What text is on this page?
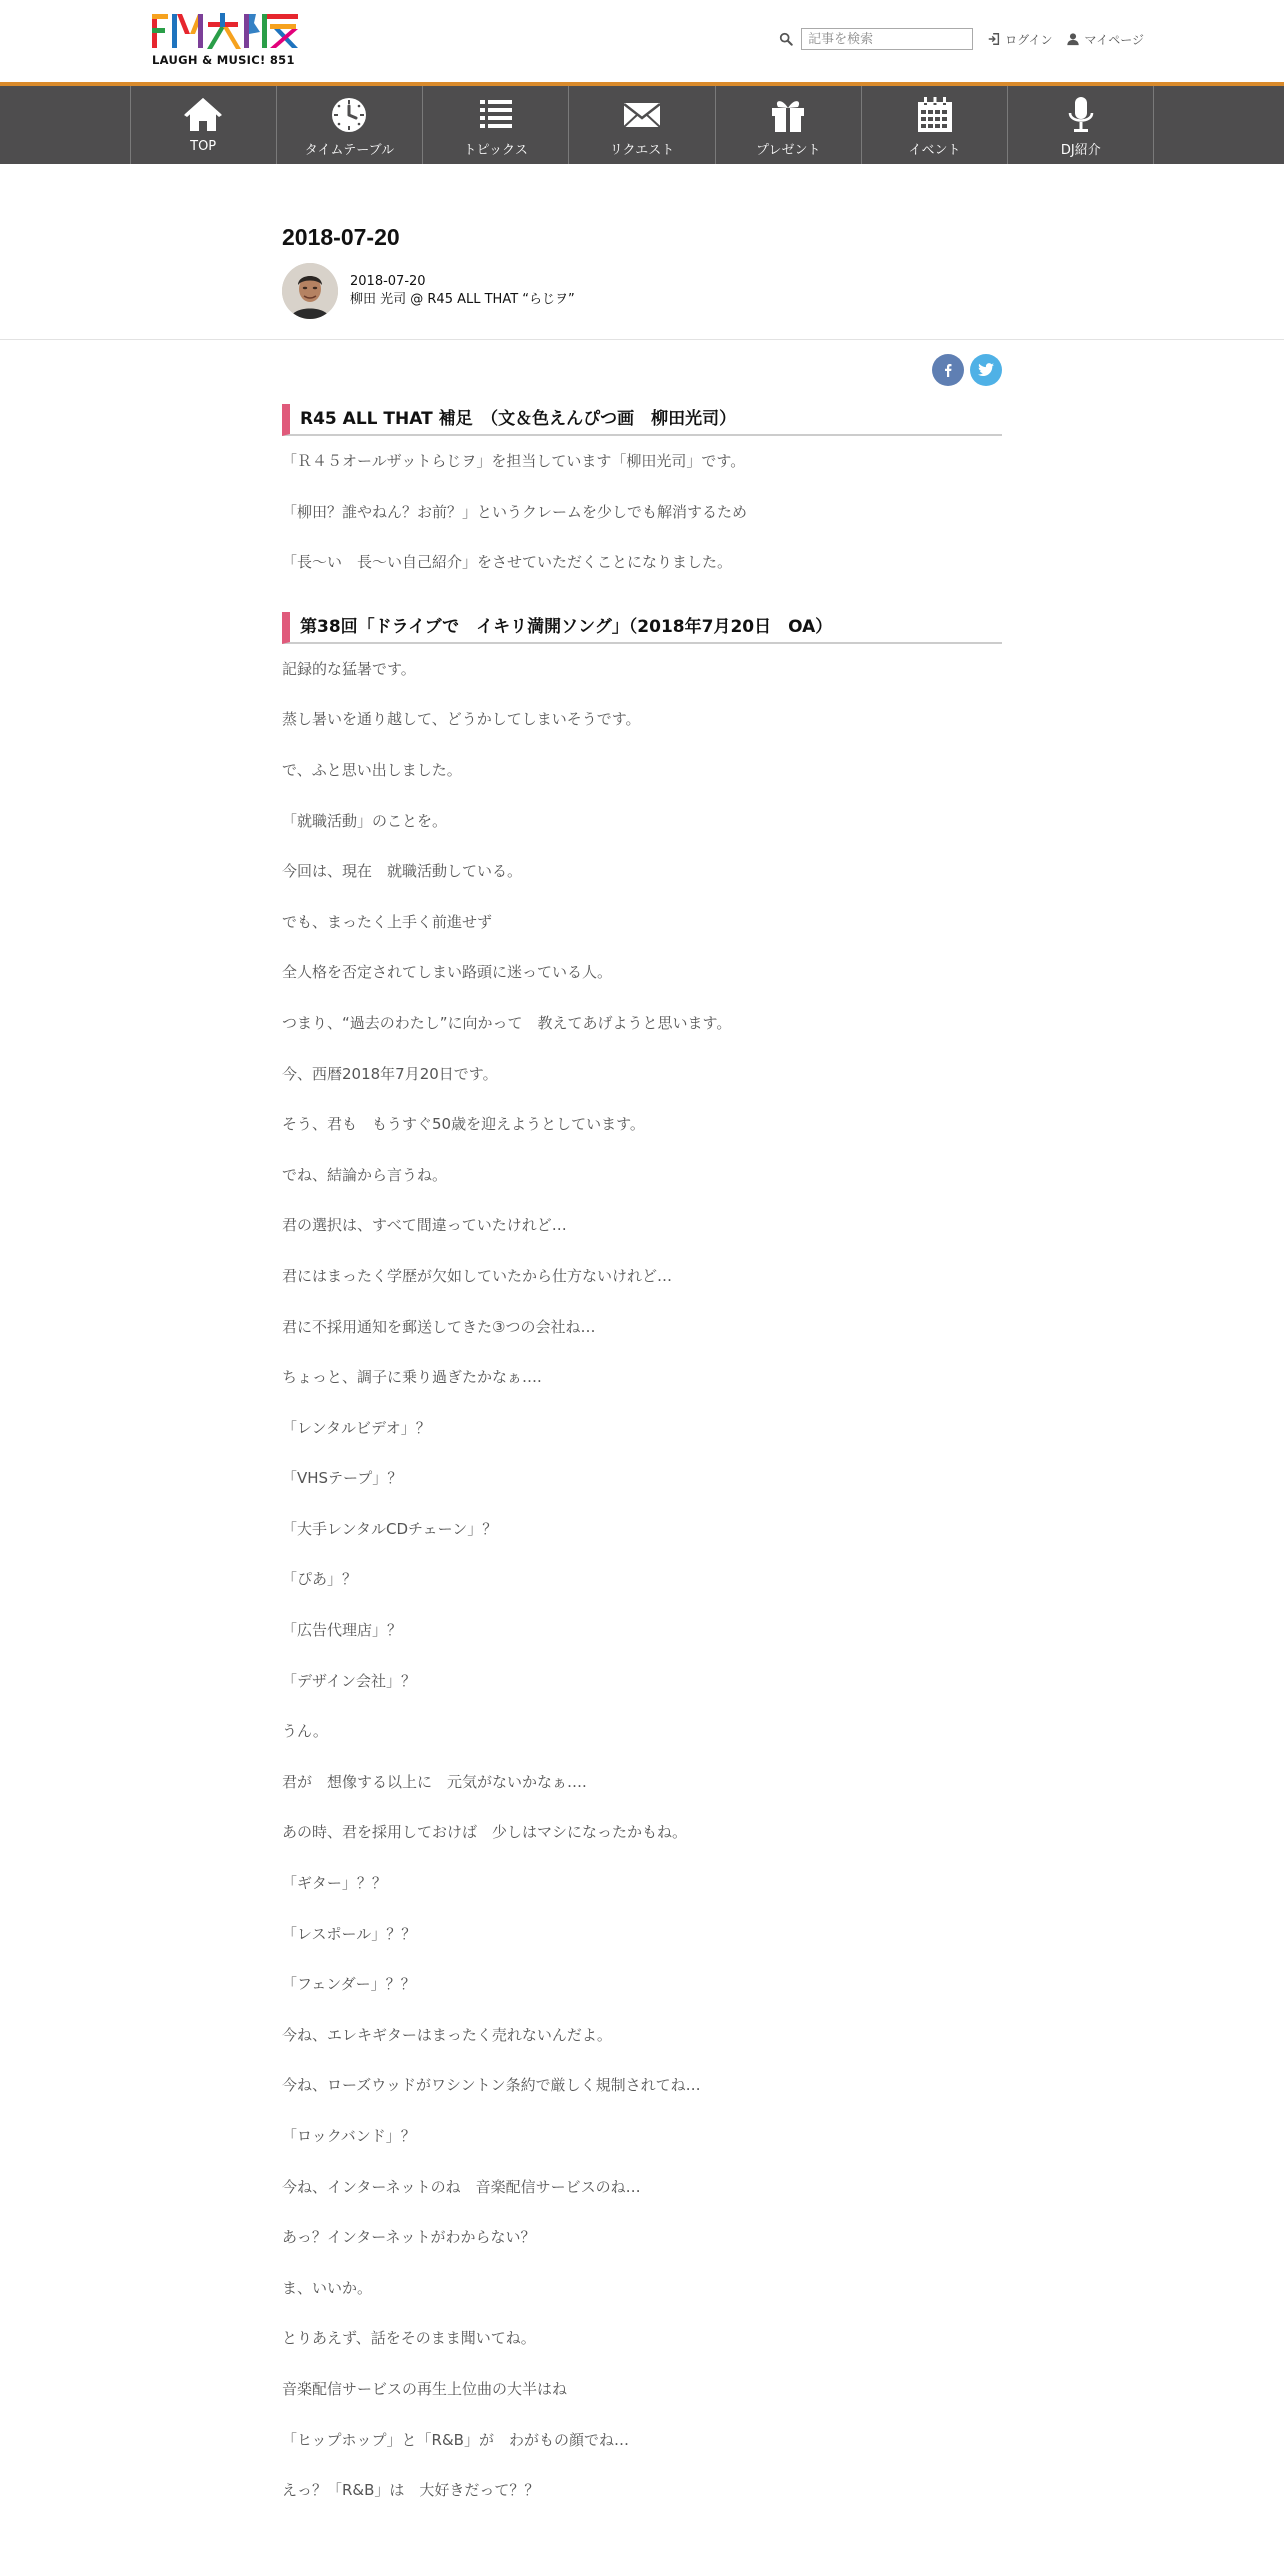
LAUGH & MUSIC! 851
記事を検索
ログイン	マイページ
TOP	タイムテーブル	トピックス	リクエスト	プレゼント	イベント	DJ紹介
2018-07-20
2018-07-20
柳田 光司 @ R45 ALL THAT “らじヲ”
R45 ALL THAT 補足　（文＆色えんぴつ画　柳田光司）

「Ｒ４５オールザットらじヲ」を担当しています「柳田光司」です。

「柳田？誰やねん？お前？」というクレームを少しでも解消するため

「長～い　長～い自己紹介」をさせていただくことになりました。

第38回「ドライブで　イキリ満開ソング」（2018年7月20日　OA）

記録的な猛暑です。

蒸し暑いを通り越して、どうかしてしまいそうです。

で、ふと思い出しました。

「就職活動」のことを。

今回は、現在　就職活動している。

でも、まったく上手く前進せず

全人格を否定されてしまい路頭に迷っている人。

つまり、“過去のわたし”に向かって　教えてあげようと思います。

今、西暦2018年7月20日です。

そう、君も　もうすぐ50歳を迎えようとしています。

でね、結論から言うね。

君の選択は、すべて間違っていたけれど…

君にはまったく学歴が欠如していたから仕方ないけれど…

君に不採用通知を郵送してきた③つの会社ね…

ちょっと、調子に乗り過ぎたかなぁ….

「レンタルビデオ」？

「VHSテープ」？

「大手レンタルCDチェーン」？

「ぴあ」？

「広告代理店」？

「デザイン会社」？

うん。

君が　想像する以上に　元気がないかなぁ….

あの時、君を採用しておけば　少しはマシになったかもね。

「ギター」？？

「レスポール」？？

「フェンダー」？？

今ね、エレキギターはまったく売れないんだよ。

今ね、ローズウッドがワシントン条約で厳しく規制されてね…

「ロックバンド」？

今ね、インターネットのね　音楽配信サービスのね…

あっ？インターネットがわからない？

ま、いいか。

とりあえず、話をそのまま聞いてね。

音楽配信サービスの再生上位曲の大半はね

「ヒップホップ」と「R&B」が　わがもの顔でね…

えっ？「R&B」は　大好きだって？？
